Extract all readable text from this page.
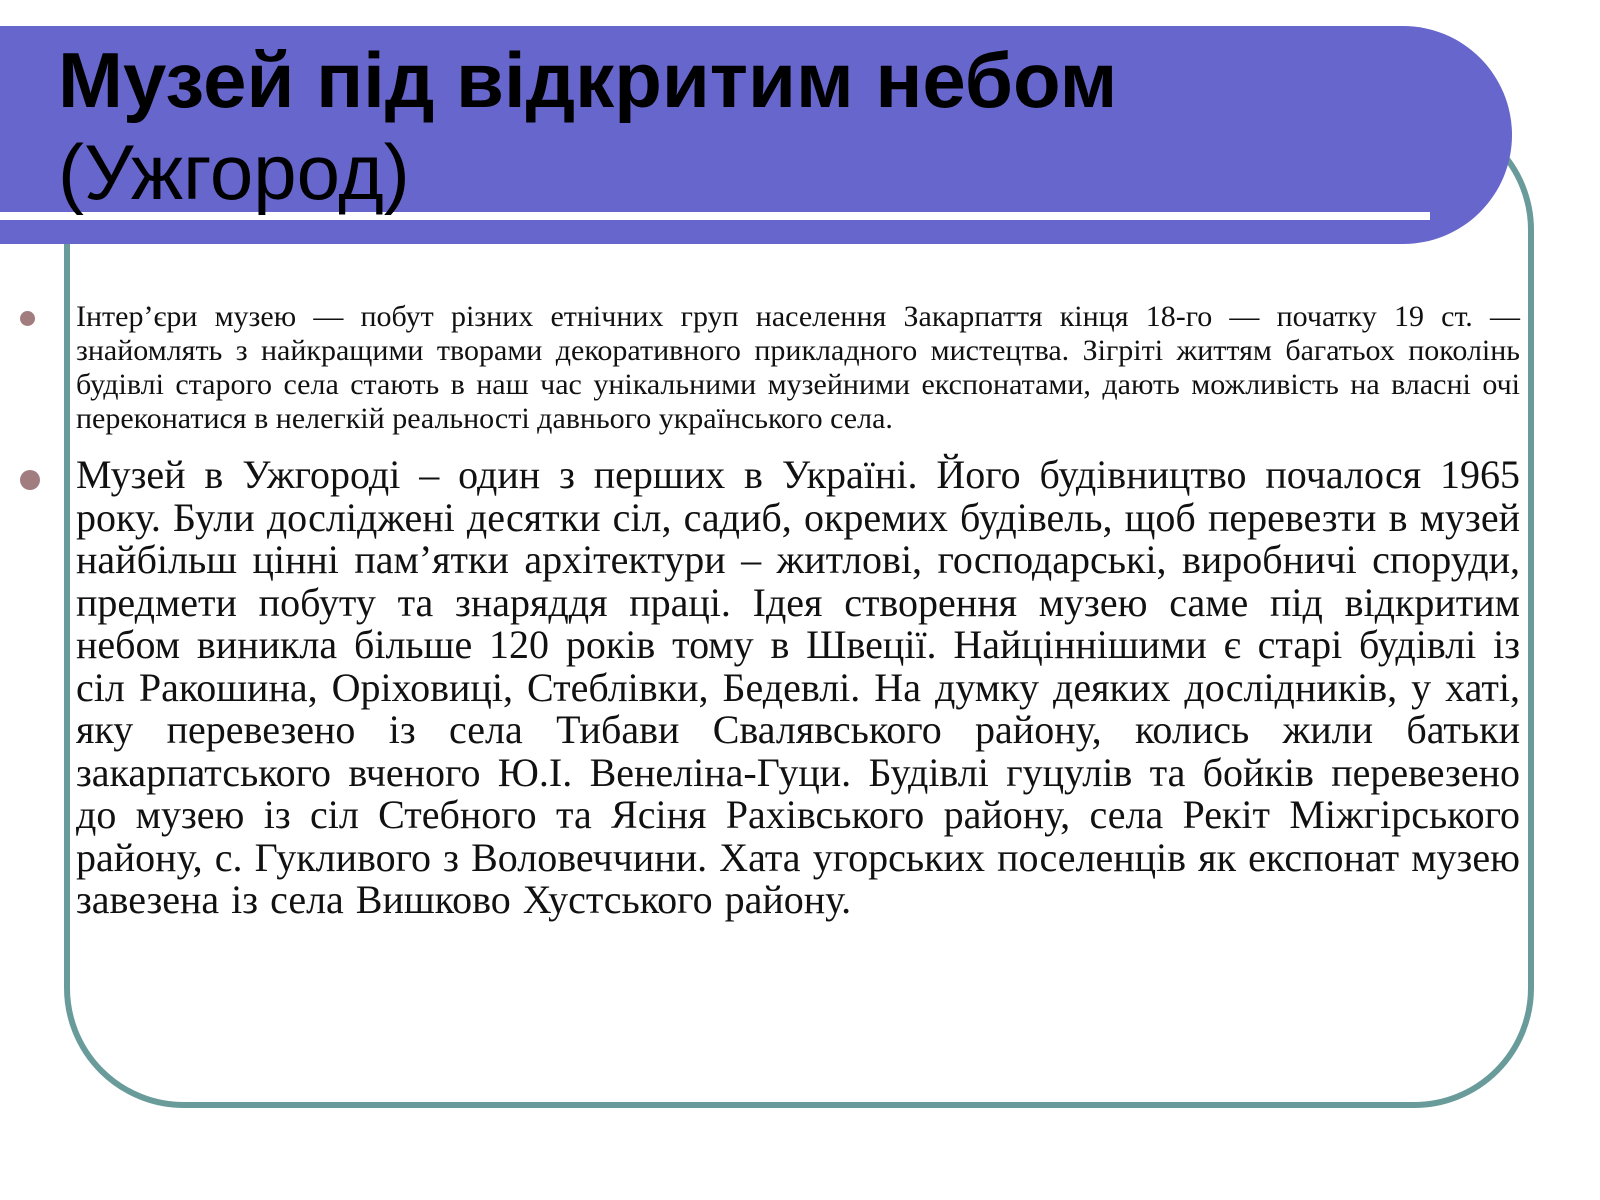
Музей під відкритим небом
(Ужгород)
Інтер’єри музею — побут різних етнічних груп населення Закарпаття кінця 18-го — початку 19 ст. — знайомлять з найкращими творами декоративного прикладного мистецтва. Зігріті життям багатьох поколінь будівлі старого села стають в наш час унікальними музейними експонатами, дають можливість на власні очі переконатися в нелегкій реальності давнього українського села.
Музей в Ужгороді – один з перших в Україні. Його будівництво почалося 1965 року. Були досліджені десятки сіл, садиб, окремих будівель, щоб перевезти в музей найбільш цінні пам’ятки архітектури – житлові, господарські, виробничі споруди, предмети побуту та знаряддя праці. Ідея створення музею саме під відкритим небом виникла більше 120 років тому в Швеції. Найціннішими є старі будівлі із сіл Ракошина, Оріховиці, Стеблівки, Бедевлі. На думку деяких дослідників, у хаті, яку перевезено із села Тибави Свалявського району, колись жили батьки закарпатського вченого Ю.І. Венеліна-Гуци. Будівлі гуцулів та бойків перевезено до музею із сіл Стебного та Ясіня Рахівського району, села Рекіт Міжгірського району, с. Гукливого з Воловеччини. Хата угорських поселенців як експонат музею завезена із села Вишково Хустського району.
